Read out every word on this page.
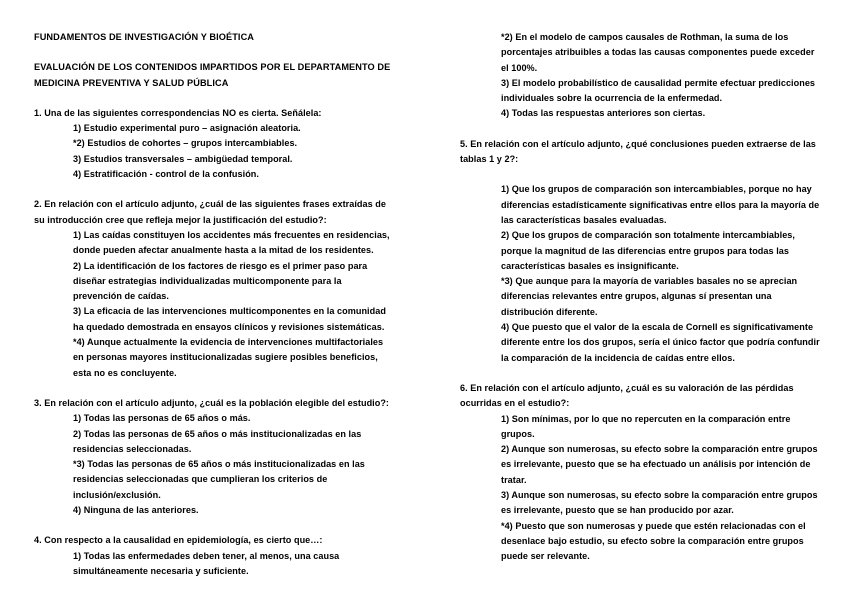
FUNDAMENTOS DE INVESTIGACIÓN Y BIOÉTICA
EVALUACIÓN DE LOS CONTENIDOS IMPARTIDOS POR EL DEPARTAMENTO DE
MEDICINA PREVENTIVA Y SALUD PÚBLICA
1. Una de las siguientes correspondencias NO es cierta. Señálela:
1) Estudio experimental puro – asignación aleatoria.
*2) Estudios de cohortes – grupos intercambiables.
3) Estudios transversales – ambigüedad temporal.
4) Estratificación - control de la confusión.
2. En relación con el artículo adjunto, ¿cuál de las siguientes frases extraídas de
su introducción cree que refleja mejor la justificación del estudio?:
1) Las caídas constituyen los accidentes más frecuentes en residencias,
donde pueden afectar anualmente hasta a la mitad de los residentes.
2) La identificación de los factores de riesgo es el primer paso para
diseñar estrategias individualizadas multicomponente para la
prevención de caídas.
3) La eficacia de las intervenciones multicomponentes en la comunidad
ha quedado demostrada en ensayos clínicos y revisiones sistemáticas.
*4) Aunque actualmente la evidencia de intervenciones multifactoriales
en personas mayores institucionalizadas sugiere posibles beneficios,
esta no es concluyente.
3. En relación con el artículo adjunto, ¿cuál es la población elegible del estudio?:
1) Todas las personas de 65 años o más.
2) Todas las personas de 65 años o más institucionalizadas en las
residencias seleccionadas.
*3) Todas las personas de 65 años o más institucionalizadas en las
residencias seleccionadas que cumplieran los criterios de
inclusión/exclusión.
4) Ninguna de las anteriores.
4. Con respecto a la causalidad en epidemiología, es cierto que…:
1) Todas las enfermedades deben tener, al menos, una causa
simultáneamente necesaria y suficiente.
*2) En el modelo de campos causales de Rothman, la suma de los
porcentajes atribuibles a todas las causas componentes puede exceder
el 100%.
3) El modelo probabilístico de causalidad permite efectuar predicciones
individuales sobre la ocurrencia de la enfermedad.
4) Todas las respuestas anteriores son ciertas.
5. En relación con el artículo adjunto, ¿qué conclusiones pueden extraerse de las
tablas 1 y 2?:
1) Que los grupos de comparación son intercambiables, porque no hay
diferencias estadísticamente significativas entre ellos para la mayoría de
las características basales evaluadas.
2) Que los grupos de comparación son totalmente intercambiables,
porque la magnitud de las diferencias entre grupos para todas las
características basales es insignificante.
*3) Que aunque para la mayoría de variables basales no se aprecian
diferencias relevantes entre grupos, algunas sí presentan una
distribución diferente.
4) Que puesto que el valor de la escala de Cornell es significativamente
diferente entre los dos grupos, sería el único factor que podría confundir
la comparación de la incidencia de caídas entre ellos.
6. En relación con el artículo adjunto, ¿cuál es su valoración de las pérdidas
ocurridas en el estudio?:
1) Son mínimas, por lo que no repercuten en la comparación entre
grupos.
2) Aunque son numerosas, su efecto sobre la comparación entre grupos
es irrelevante, puesto que se ha efectuado un análisis por intención de
tratar.
3) Aunque son numerosas, su efecto sobre la comparación entre grupos
es irrelevante, puesto que se han producido por azar.
*4) Puesto que son numerosas y puede que estén relacionadas con el
desenlace bajo estudio, su efecto sobre la comparación entre grupos
puede ser relevante.
